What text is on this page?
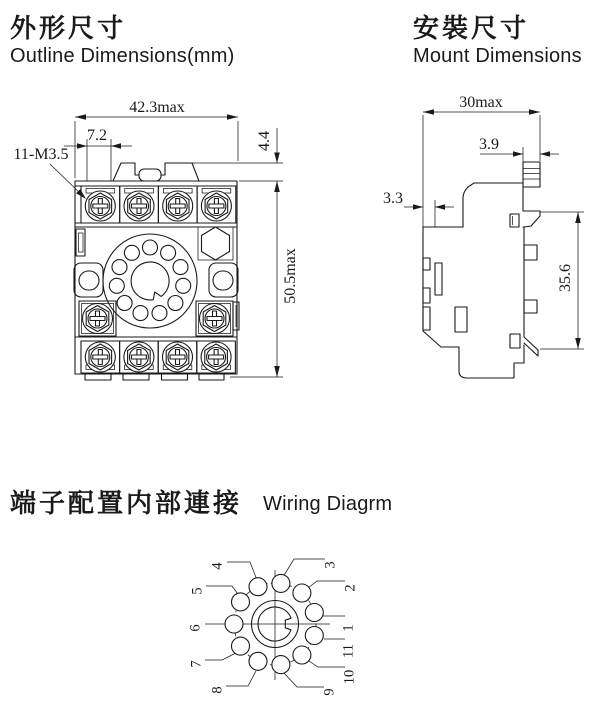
外形尺寸
Outline Dimensions(mm)
安裝尺寸
Mount Dimensions
端子配置内部連接 Wiring Diagrm
42.3max
7.2
11-M3.5
4.4
50.5max
30max
3.9
3.3
35.6
1
2
3
4
5
6
7
8	9
10
11
